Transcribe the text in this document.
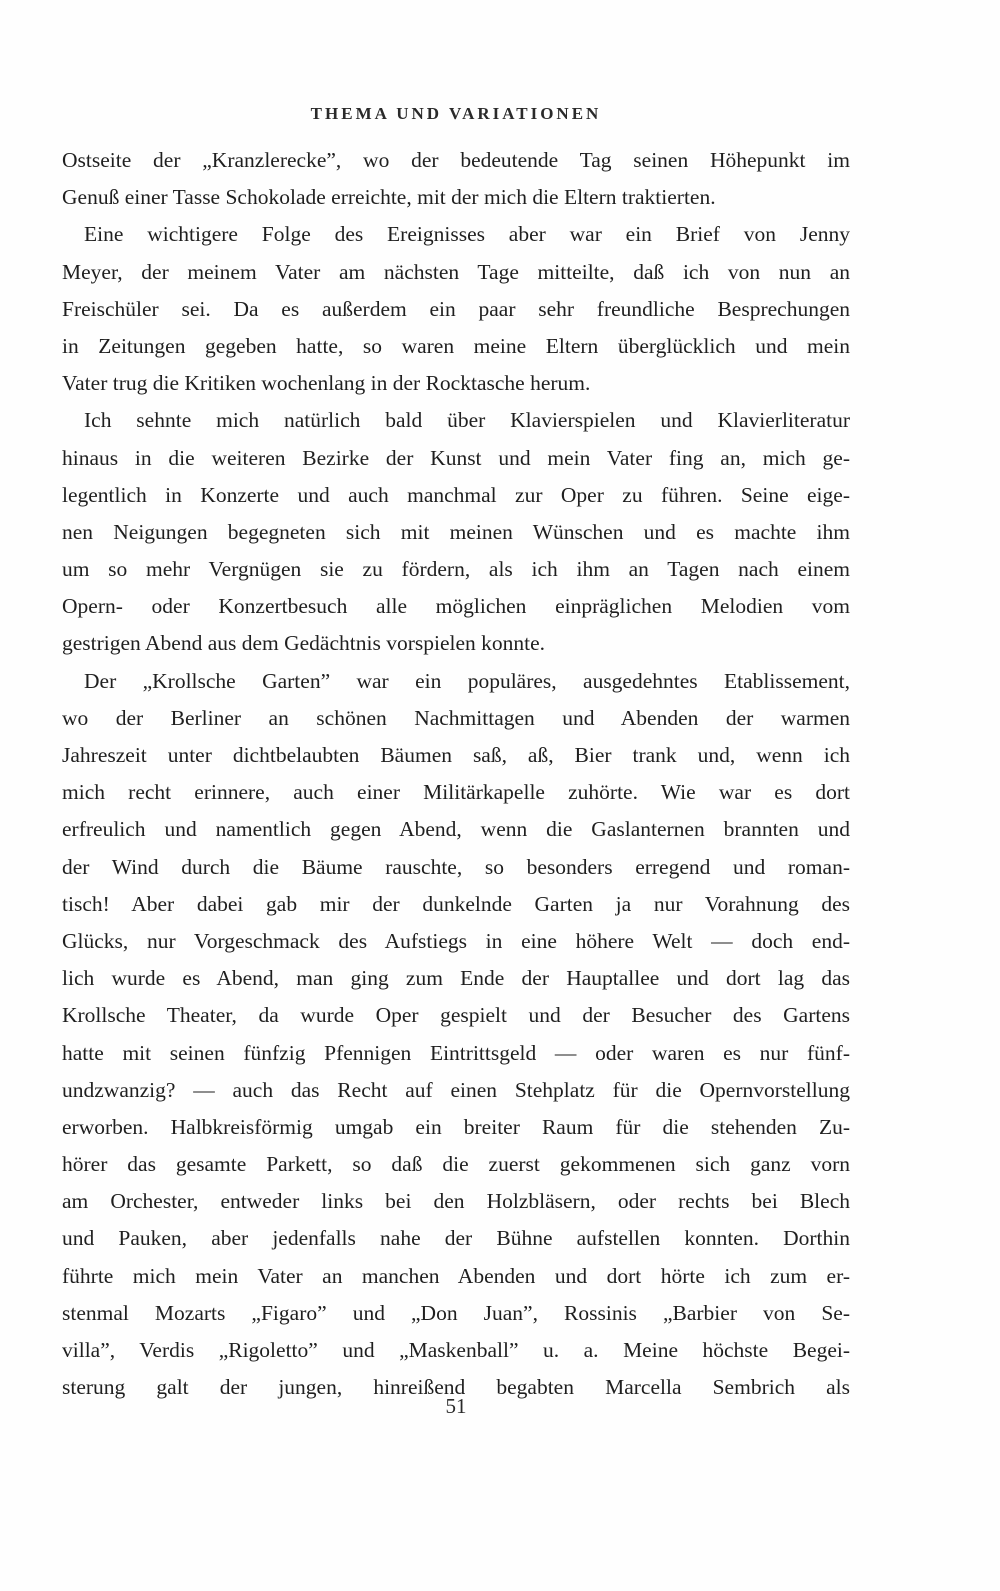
THEMA UND VARIATIONEN
Ostseite der „Kranzlerecke”, wo der bedeutende Tag seinen Höhepunkt im
Genuß einer Tasse Schokolade erreichte, mit der mich die Eltern traktierten.
Eine wichtigere Folge des Ereignisses aber war ein Brief von Jenny
Meyer, der meinem Vater am nächsten Tage mitteilte, daß ich von nun an
Freischüler sei. Da es außerdem ein paar sehr freundliche Besprechungen
in Zeitungen gegeben hatte, so waren meine Eltern überglücklich und mein
Vater trug die Kritiken wochenlang in der Rocktasche herum.
Ich sehnte mich natürlich bald über Klavierspielen und Klavierliteratur
hinaus in die weiteren Bezirke der Kunst und mein Vater fing an, mich ge-
legentlich in Konzerte und auch manchmal zur Oper zu führen. Seine eige-
nen Neigungen begegneten sich mit meinen Wünschen und es machte ihm
um so mehr Vergnügen sie zu fördern, als ich ihm an Tagen nach einem
Opern- oder Konzertbesuch alle möglichen einpräglichen Melodien vom
gestrigen Abend aus dem Gedächtnis vorspielen konnte.
Der „Krollsche Garten” war ein populäres, ausgedehntes Etablissement,
wo der Berliner an schönen Nachmittagen und Abenden der warmen
Jahreszeit unter dichtbelaubten Bäumen saß, aß, Bier trank und, wenn ich
mich recht erinnere, auch einer Militärkapelle zuhörte. Wie war es dort
erfreulich und namentlich gegen Abend, wenn die Gaslanternen brannten und
der Wind durch die Bäume rauschte, so besonders erregend und roman-
tisch! Aber dabei gab mir der dunkelnde Garten ja nur Vorahnung des
Glücks, nur Vorgeschmack des Aufstiegs in eine höhere Welt — doch end-
lich wurde es Abend, man ging zum Ende der Hauptallee und dort lag das
Krollsche Theater, da wurde Oper gespielt und der Besucher des Gartens
hatte mit seinen fünfzig Pfennigen Eintrittsgeld — oder waren es nur fünf-
undzwanzig? — auch das Recht auf einen Stehplatz für die Opernvorstellung
erworben. Halbkreisförmig umgab ein breiter Raum für die stehenden Zu-
hörer das gesamte Parkett, so daß die zuerst gekommenen sich ganz vorn
am Orchester, entweder links bei den Holzbläsern, oder rechts bei Blech
und Pauken, aber jedenfalls nahe der Bühne aufstellen konnten. Dorthin
führte mich mein Vater an manchen Abenden und dort hörte ich zum er-
stenmal Mozarts „Figaro” und „Don Juan”, Rossinis „Barbier von Se-
villa”, Verdis „Rigoletto” und „Maskenball” u. a. Meine höchste Begei-
sterung galt der jungen, hinreißend begabten Marcella Sembrich als
51
